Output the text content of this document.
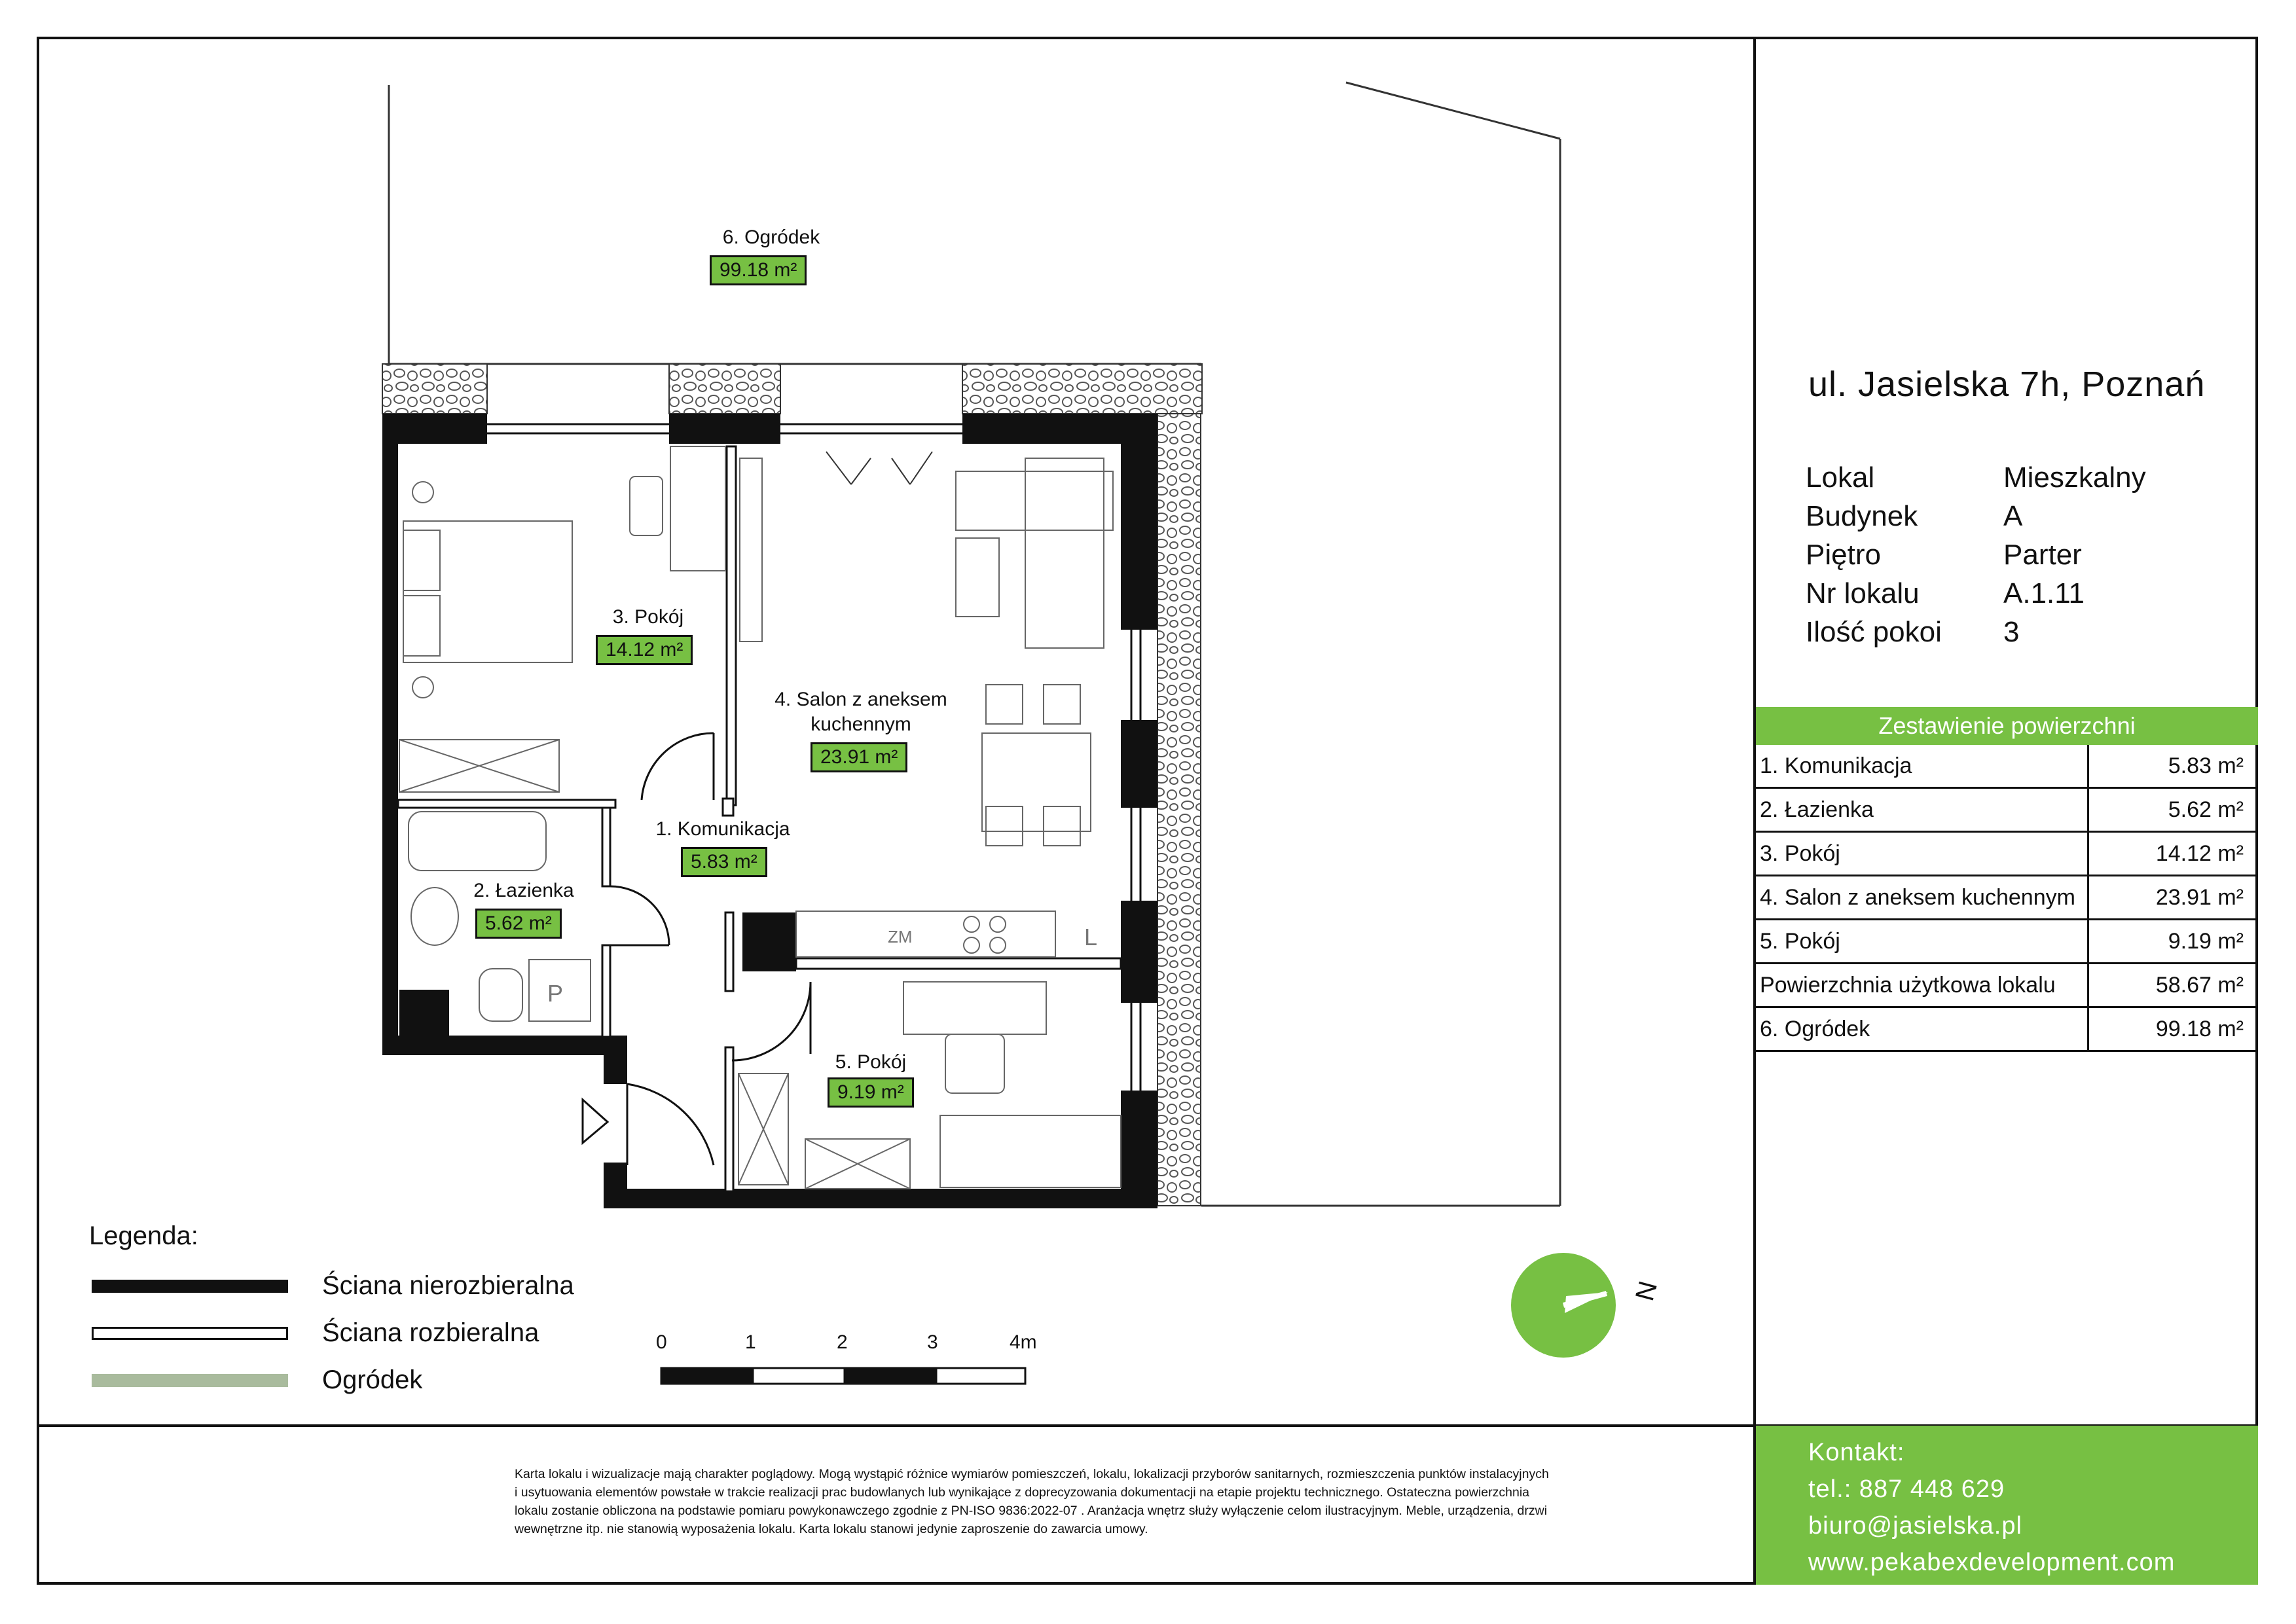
ZM	L
P
N
6. Ogródek
99.18 m²
3. Pokój
14.12 m²
4. Salon z aneksem
kuchennym
23.91 m²
1. Komunikacja
5.83 m²
2. Łazienka
5.62 m²
5. Pokój
9.19 m²
Legenda:
Ściana nierozbieralna
Ściana rozbieralna
Ogródek
0	1	2	3	4m
ul. Jasielska 7h, Poznań
Lokal	Mieszkalny
Budynek	A
Piętro	Parter
Nr lokalu	A.1.11
Ilość pokoi	3
Zestawienie powierzchni
1. Komunikacja	5.83 m²
2. Łazienka	5.62 m²
3. Pokój	14.12 m²
4. Salon z aneksem kuchennym	23.91 m²
5. Pokój	9.19 m²
Powierzchnia użytkowa lokalu	58.67 m²
6. Ogródek	99.18 m²
Karta lokalu i wizualizacje mają charakter poglądowy. Mogą wystąpić różnice wymiarów pomieszczeń, lokalu, lokalizacji przyborów sanitarnych, rozmieszczenia punktów instalacyjnych
i usytuowania elementów powstałe w trakcie realizacji prac budowlanych lub wynikające z doprecyzowania dokumentacji na etapie projektu technicznego. Ostateczna powierzchnia
lokalu zostanie obliczona na podstawie pomiaru powykonawczego zgodnie z PN-ISO 9836:2022-07 . Aranżacja wnętrz służy wyłączenie celom ilustracyjnym. Meble, urządzenia, drzwi
wewnętrzne itp. nie stanowią wyposażenia lokalu. Karta lokalu stanowi jedynie zaproszenie do zawarcia umowy.
Kontakt:
tel.: 887 448 629
biuro@jasielska.pl
www.pekabexdevelopment.com
